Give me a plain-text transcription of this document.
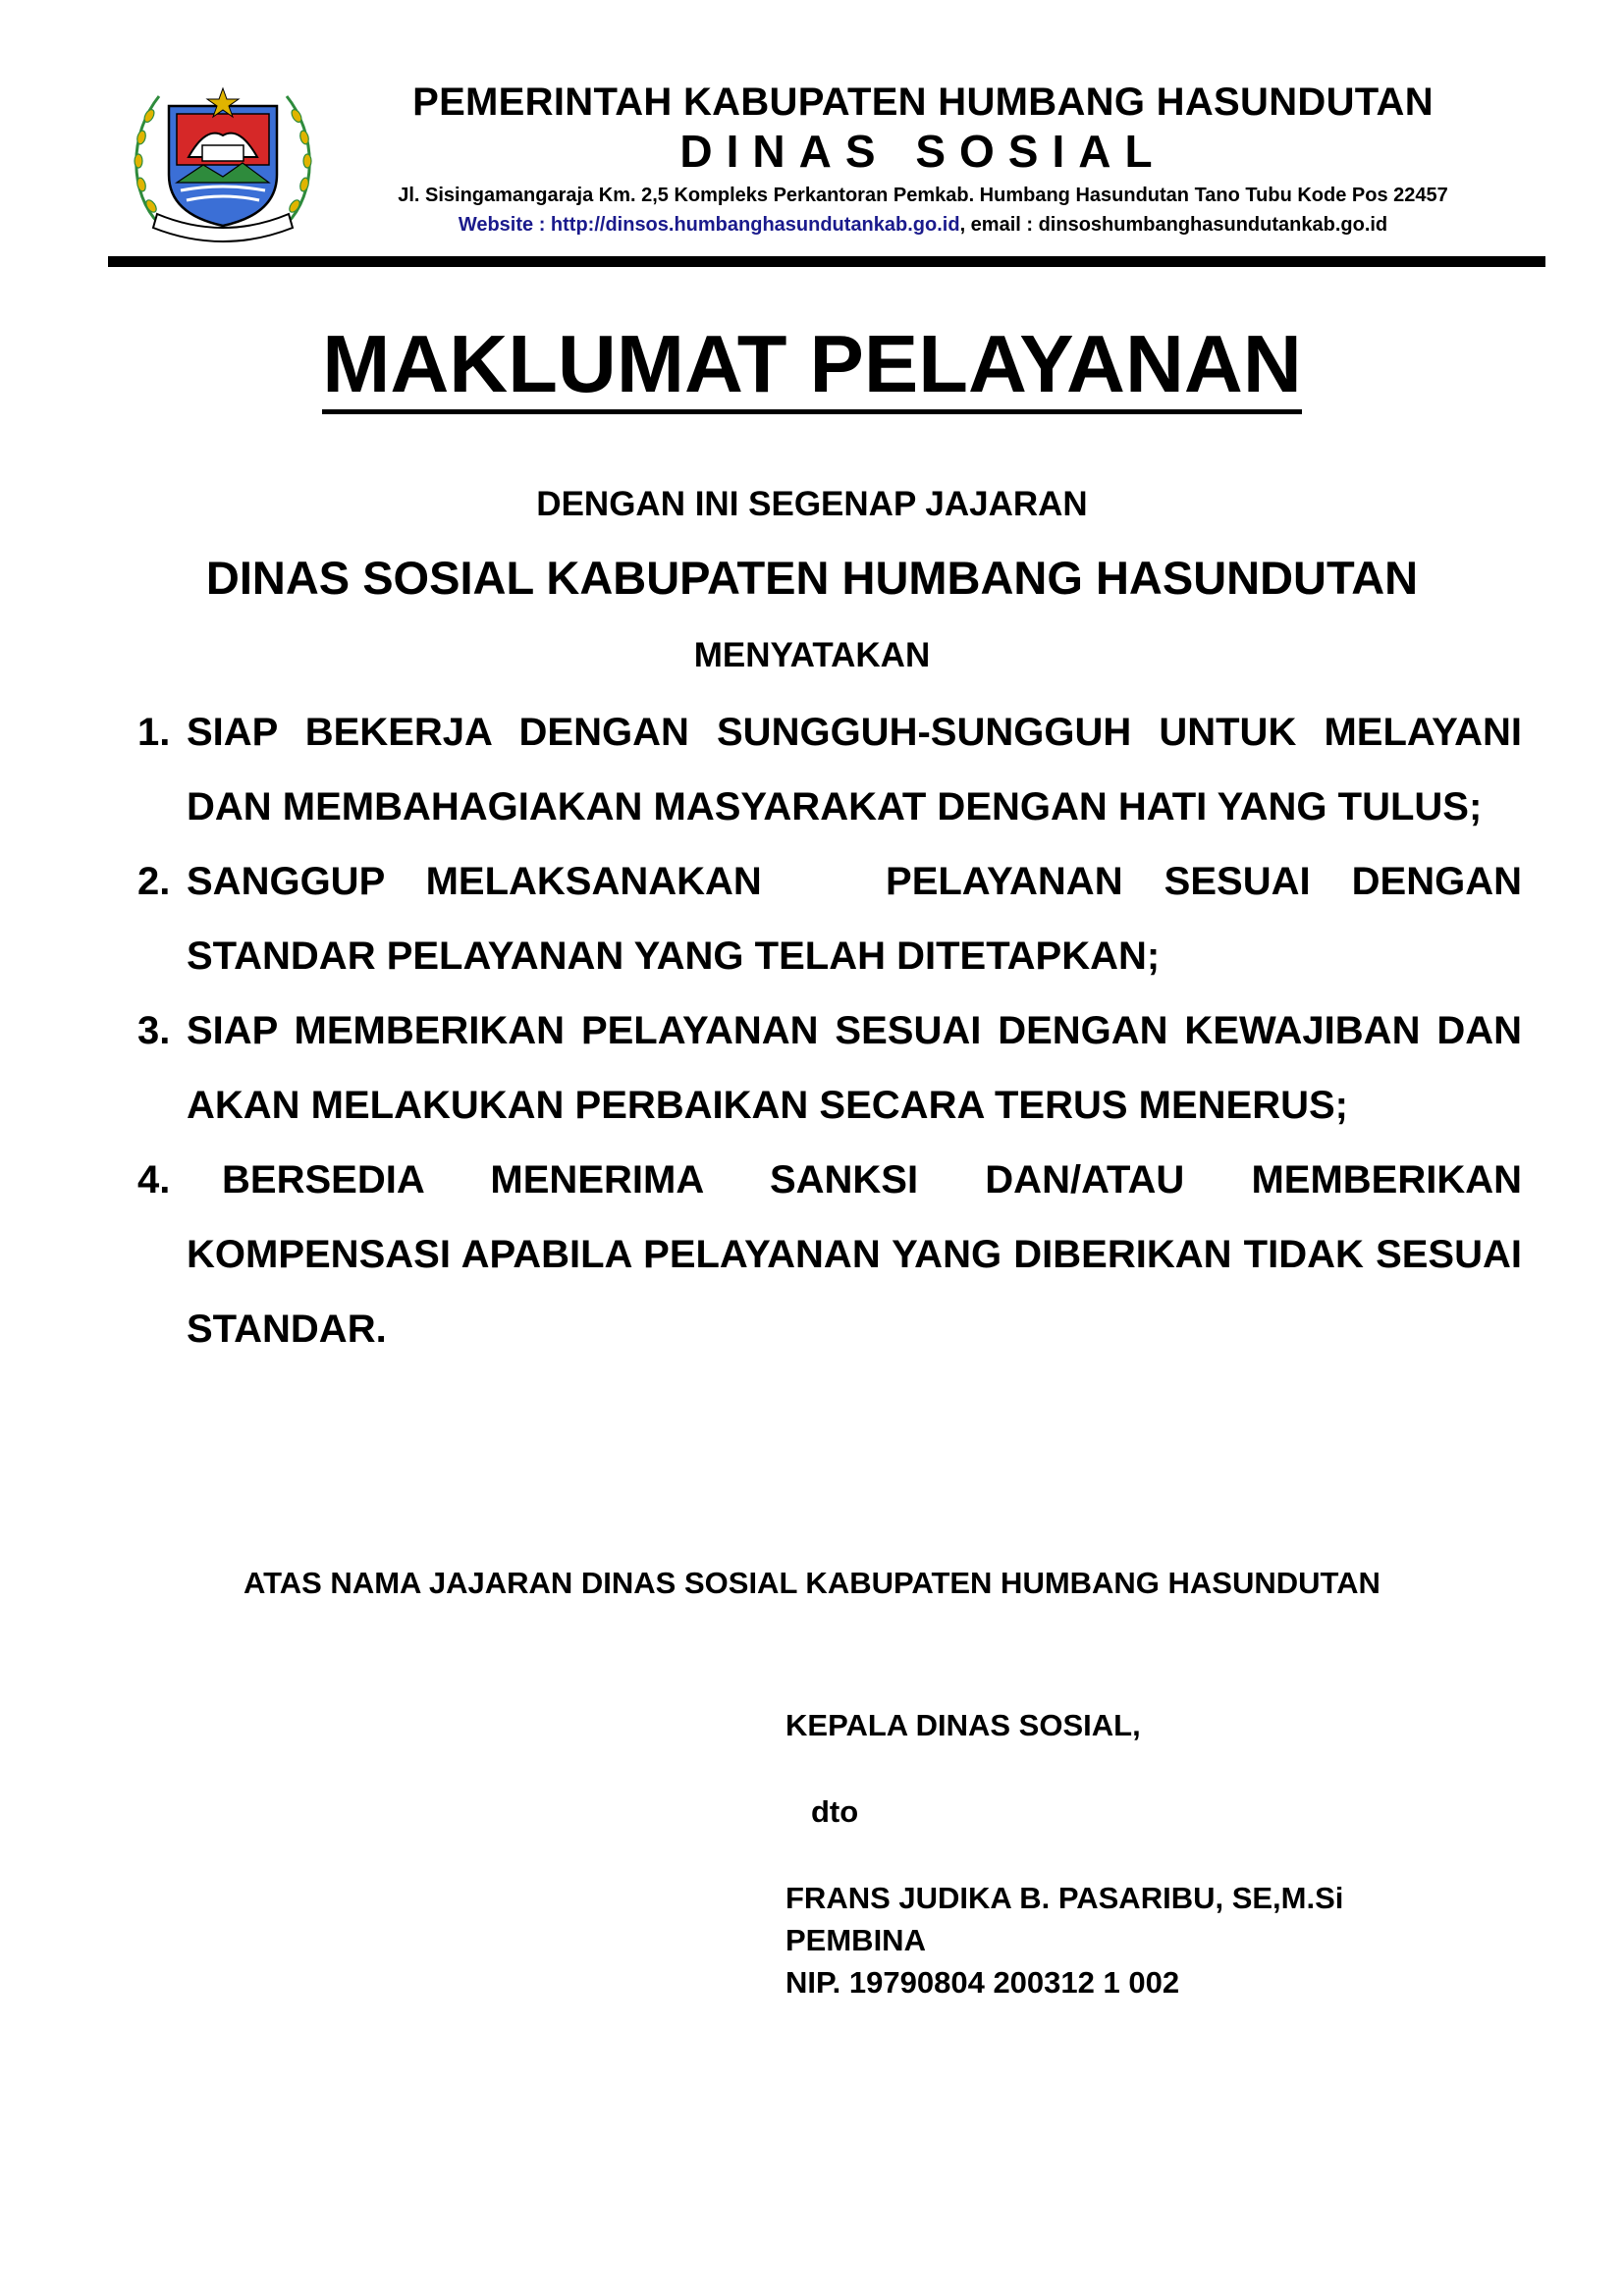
PEMERINTAH KABUPATEN HUMBANG HASUNDUTAN
DINAS SOSIAL
Jl. Sisingamangaraja Km. 2,5 Kompleks Perkantoran Pemkab. Humbang Hasundutan Tano Tubu Kode Pos 22457
Website : http://dinsos.humbanghasundutankab.go.id, email : dinsoshumbanghasundutankab.go.id
MAKLUMAT PELAYANAN
DENGAN INI SEGENAP JAJARAN
DINAS SOSIAL KABUPATEN HUMBANG HASUNDUTAN
MENYATAKAN
1. SIAP BEKERJA DENGAN SUNGGUH-SUNGGUH UNTUK MELAYANI DAN MEMBAHAGIAKAN MASYARAKAT DENGAN HATI YANG TULUS;
2. SANGGUP MELAKSANAKAN   PELAYANAN SESUAI DENGAN STANDAR PELAYANAN YANG TELAH DITETAPKAN;
3. SIAP MEMBERIKAN PELAYANAN SESUAI DENGAN KEWAJIBAN DAN AKAN MELAKUKAN PERBAIKAN SECARA TERUS MENERUS;
4.	BERSEDIA MENERIMA SANKSI DAN/ATAU MEMBERIKAN KOMPENSASI APABILA PELAYANAN YANG DIBERIKAN TIDAK SESUAI STANDAR.
ATAS NAMA JAJARAN DINAS SOSIAL KABUPATEN HUMBANG HASUNDUTAN
KEPALA DINAS SOSIAL,
dto
FRANS JUDIKA B. PASARIBU, SE,M.Si
PEMBINA
NIP. 19790804 200312 1 002
